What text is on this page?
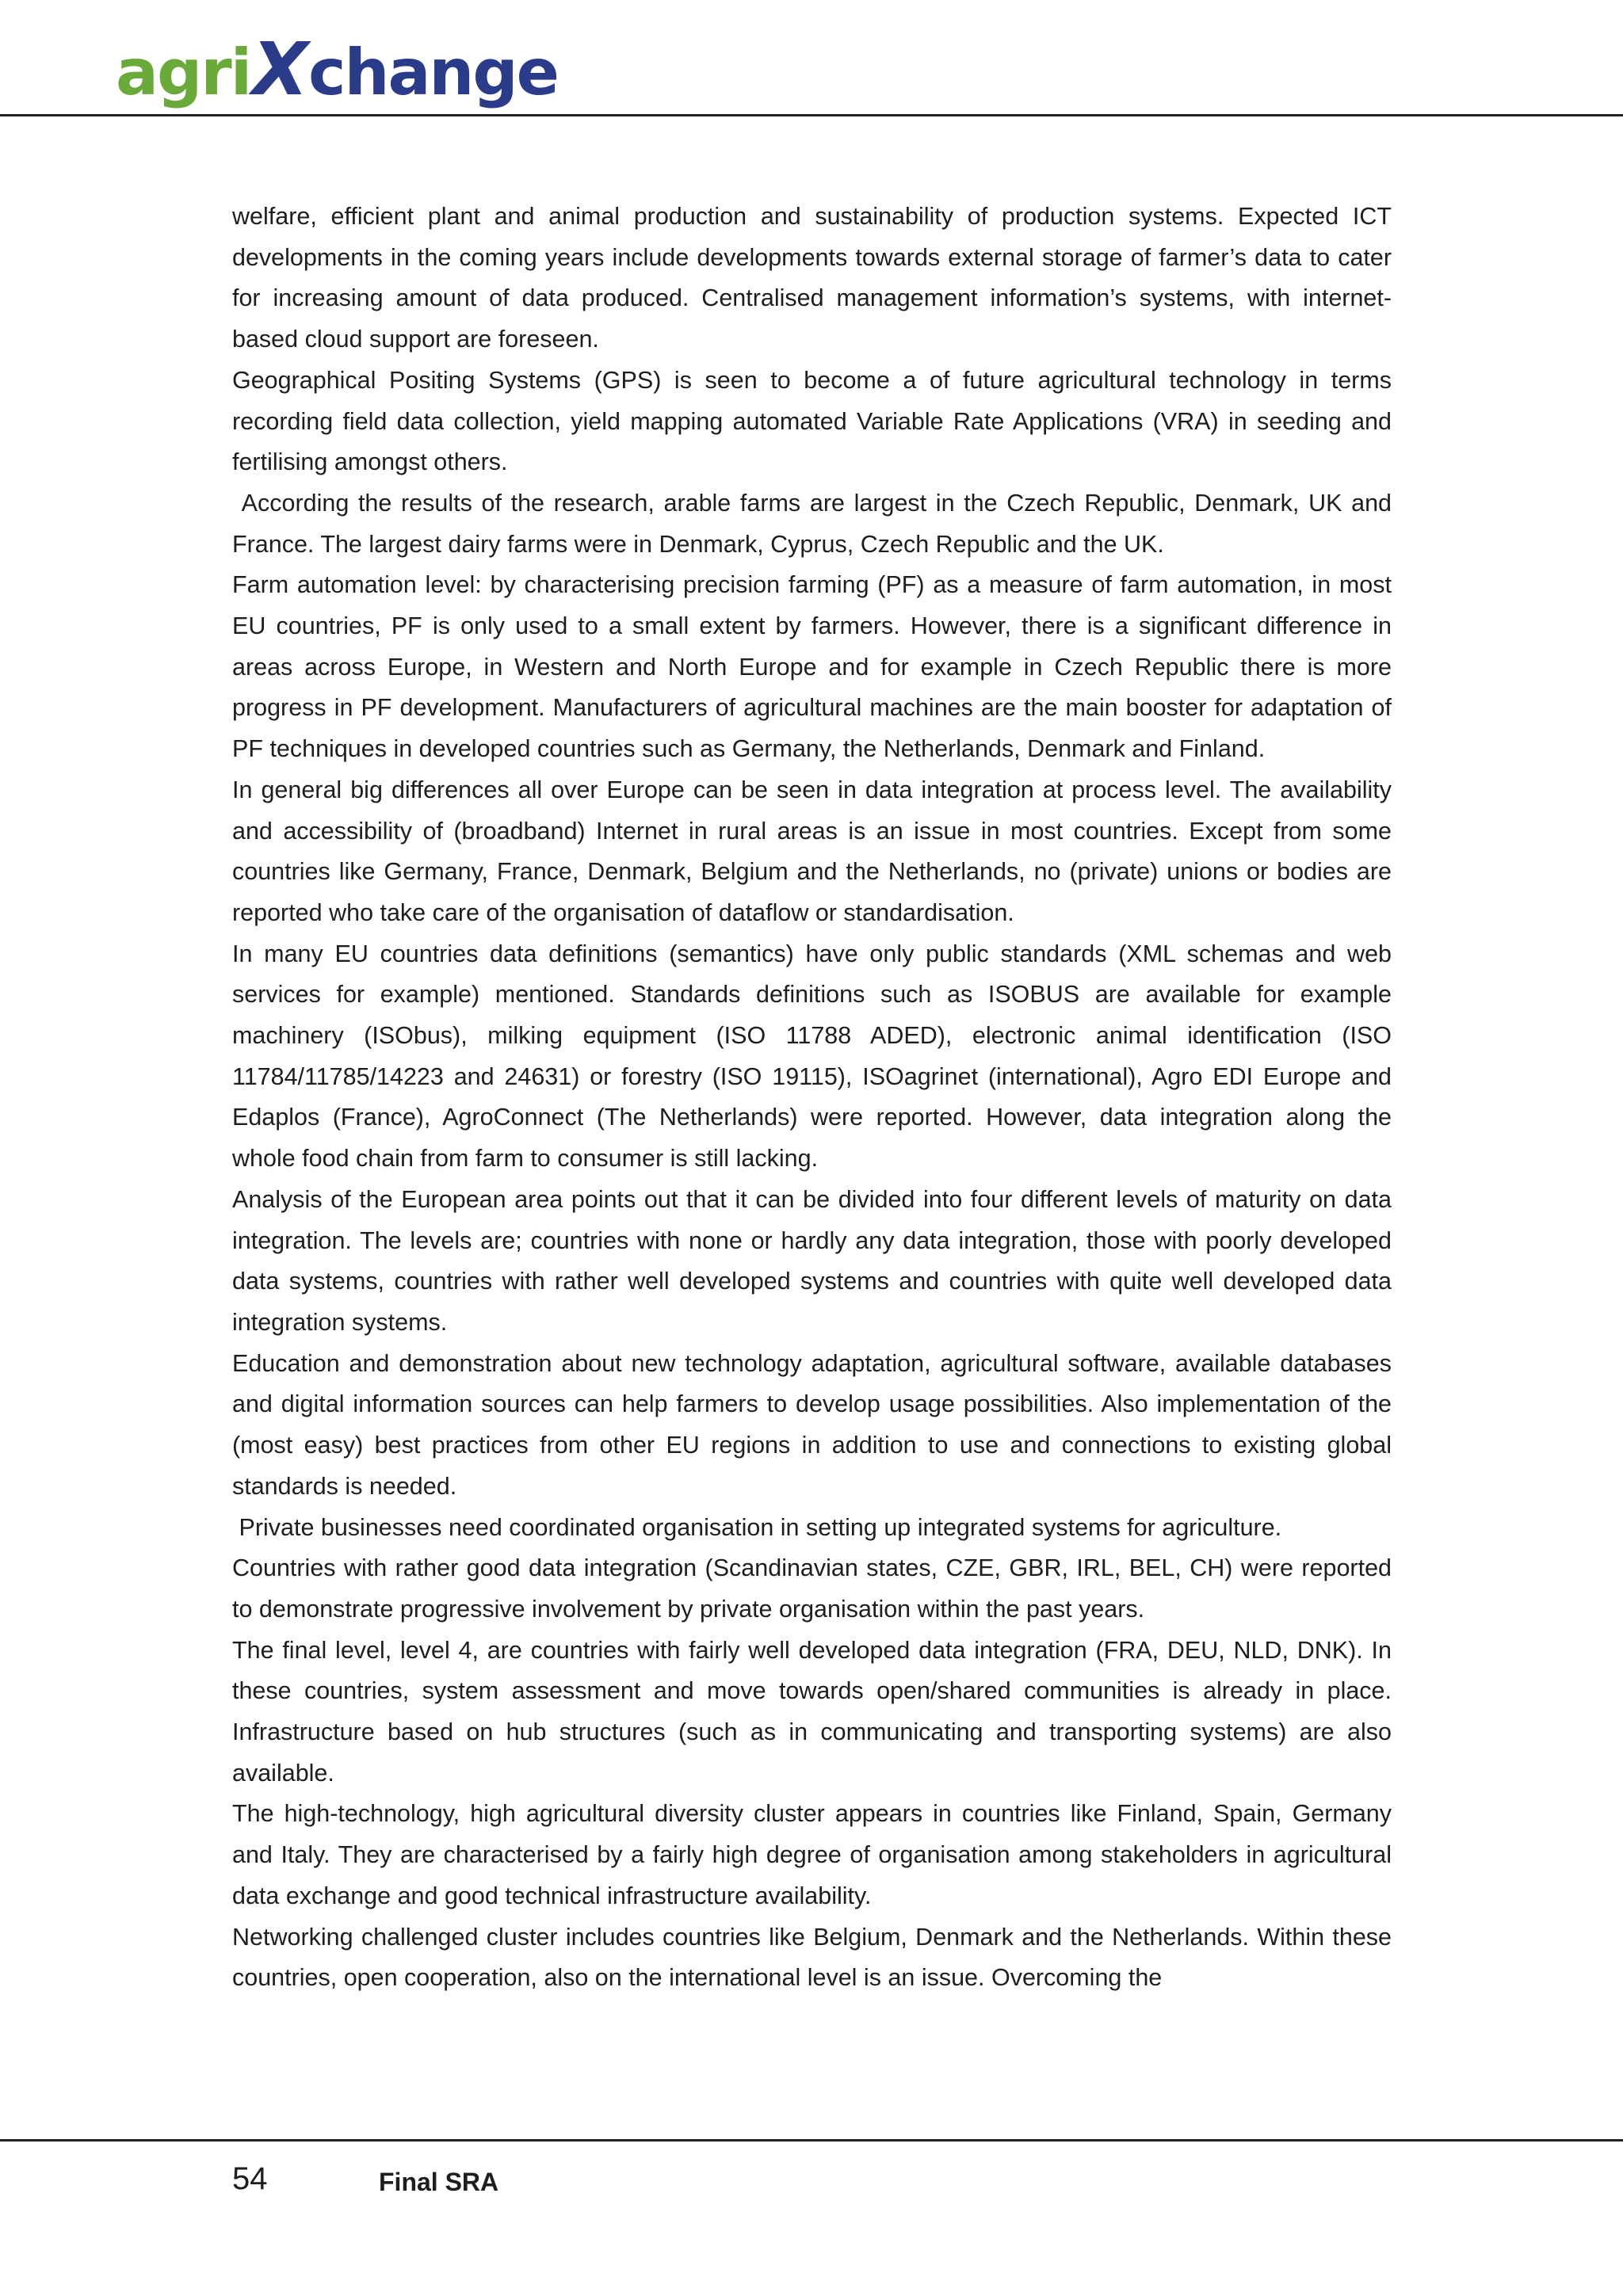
agri X change

welfare, efficient plant and animal production and sustainability of production systems. Expected ICT developments in the coming years include developments towards external storage of farmer’s data to cater for increasing amount of data produced. Centralised management information’s systems, with internet-based cloud support are foreseen.

Geographical Positing Systems (GPS) is seen to become a of future agricultural technology in terms recording field data collection, yield mapping automated Variable Rate Applications (VRA) in seeding and fertilising amongst others.

According the results of the research, arable farms are largest in the Czech Republic, Denmark, UK and France. The largest dairy farms were in Denmark, Cyprus, Czech Republic and the UK.

Farm automation level: by characterising precision farming (PF) as a measure of farm automation, in most EU countries, PF is only used to a small extent by farmers. However, there is a significant difference in areas across Europe, in Western and North Europe and for example in Czech Republic there is more progress in PF development. Manufacturers of agricultural machines are the main booster for adaptation of PF techniques in developed countries such as Germany, the Netherlands, Denmark and Finland.

In general big differences all over Europe can be seen in data integration at process level. The availability and accessibility of (broadband) Internet in rural areas is an issue in most countries. Except from some countries like Germany, France, Denmark, Belgium and the Netherlands, no (private) unions or bodies are reported who take care of the organisation of dataflow or standardisation.

In many EU countries data definitions (semantics) have only public standards (XML schemas and web services for example) mentioned. Standards definitions such as ISOBUS are available for example machinery (ISObus), milking equipment (ISO 11788 ADED), electronic animal identification (ISO 11784/11785/14223 and 24631) or forestry (ISO 19115), ISOagrinet (international), Agro EDI Europe and Edaplos (France), AgroConnect (The Netherlands) were reported. However, data integration along the whole food chain from farm to consumer is still lacking.

Analysis of the European area points out that it can be divided into four different levels of maturity on data integration. The levels are; countries with none or hardly any data integration, those with poorly developed data systems, countries with rather well developed systems and countries with quite well developed data integration systems.

Education and demonstration about new technology adaptation, agricultural software, available databases and digital information sources can help farmers to develop usage possibilities. Also implementation of the (most easy) best practices from other EU regions in addition to use and connections to existing global standards is needed.

Private businesses need coordinated organisation in setting up integrated systems for agriculture.

Countries with rather good data integration (Scandinavian states, CZE, GBR, IRL, BEL, CH) were reported to demonstrate progressive involvement by private organisation within the past years.

The final level, level 4, are countries with fairly well developed data integration (FRA, DEU, NLD, DNK). In these countries, system assessment and move towards open/shared communities is already in place. Infrastructure based on hub structures (such as in communicating and transporting systems) are also available.

The high-technology, high agricultural diversity cluster appears in countries like Finland, Spain, Germany and Italy. They are characterised by a fairly high degree of organisation among stakeholders in agricultural data exchange and good technical infrastructure availability.

Networking challenged cluster includes countries like Belgium, Denmark and the Netherlands. Within these countries, open cooperation, also on the international level is an issue. Overcoming the

54	Final SRA
